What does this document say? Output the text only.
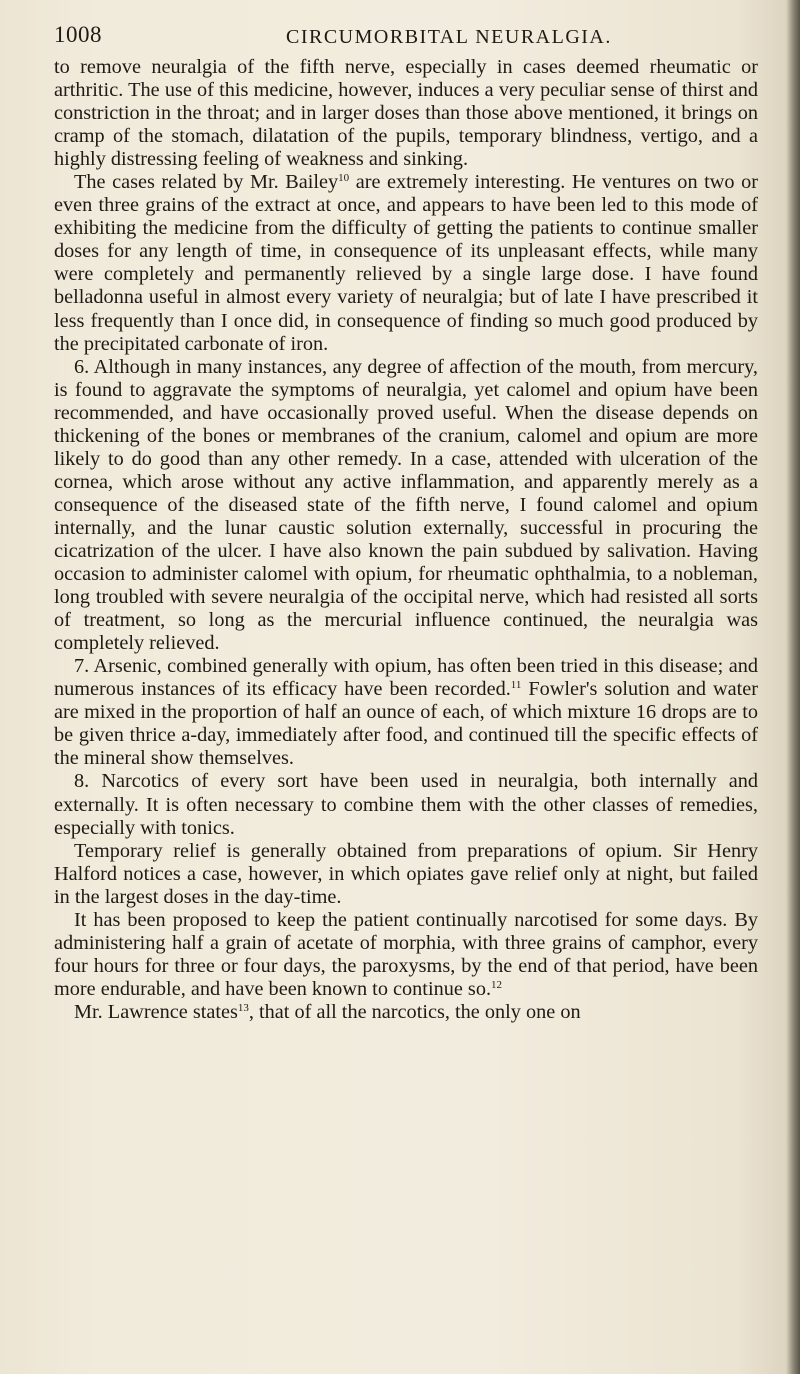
1008	CIRCUMORBITAL NEURALGIA.

to remove neuralgia of the fifth nerve, especially in cases deemed rheumatic or arthritic. The use of this medicine, however, induces a very peculiar sense of thirst and constriction in the throat; and in larger doses than those above mentioned, it brings on cramp of the stomach, dilatation of the pupils, temporary blindness, vertigo, and a highly distressing feeling of weakness and sinking.

The cases related by Mr. Bailey$^{10}$ are extremely interesting. He ventures on two or even three grains of the extract at once, and appears to have been led to this mode of exhibiting the medicine from the difficulty of getting the patients to continue smaller doses for any length of time, in consequence of its unpleasant effects, while many were completely and permanently relieved by a single large dose. I have found belladonna useful in almost every variety of neuralgia; but of late I have prescribed it less frequently than I once did, in consequence of finding so much good produced by the precipitated carbonate of iron.

6. Although in many instances, any degree of affection of the mouth, from mercury, is found to aggravate the symptoms of neuralgia, yet calomel and opium have been recommended, and have occasionally proved useful. When the disease depends on thickening of the bones or membranes of the cranium, calomel and opium are more likely to do good than any other remedy. In a case, attended with ulceration of the cornea, which arose without any active inflammation, and apparently merely as a consequence of the diseased state of the fifth nerve, I found calomel and opium internally, and the lunar caustic solution externally, successful in procuring the cicatrization of the ulcer. I have also known the pain subdued by salivation. Having occasion to administer calomel with opium, for rheumatic ophthalmia, to a nobleman, long troubled with severe neuralgia of the occipital nerve, which had resisted all sorts of treatment, so long as the mercurial influence continued, the neuralgia was completely relieved.

7. Arsenic, combined generally with opium, has often been tried in this disease; and numerous instances of its efficacy have been recorded.$^{11}$ Fowler's solution and water are mixed in the proportion of half an ounce of each, of which mixture 16 drops are to be given thrice a-day, immediately after food, and continued till the specific effects of the mineral show themselves.

8. Narcotics of every sort have been used in neuralgia, both internally and externally. It is often necessary to combine them with the other classes of remedies, especially with tonics.

Temporary relief is generally obtained from preparations of opium. Sir Henry Halford notices a case, however, in which opiates gave relief only at night, but failed in the largest doses in the day-time.

It has been proposed to keep the patient continually narcotised for some days. By administering half a grain of acetate of morphia, with three grains of camphor, every four hours for three or four days, the paroxysms, by the end of that period, have been more endurable, and have been known to continue so.$^{12}$

Mr. Lawrence states$^{13}$, that of all the narcotics, the only one on
